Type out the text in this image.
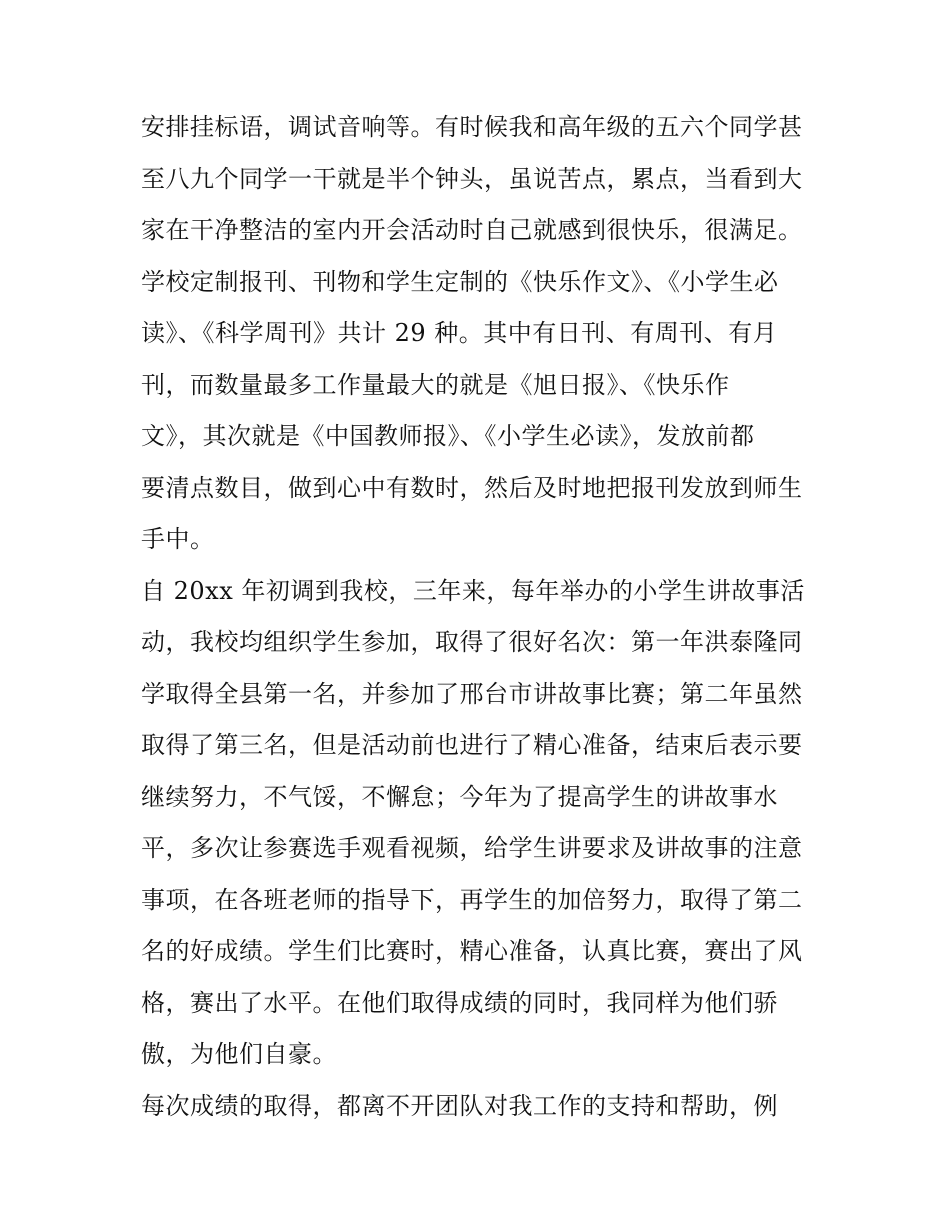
安排挂标语，调试音响等。有时候我和高年级的五六个同学甚
至八九个同学一干就是半个钟头，虽说苦点，累点，当看到大
家在干净整洁的室内开会活动时自己就感到很快乐，很满足。
学校定制报刊、刊物和学生定制的《快乐作文》、《小学生必
读》、《科学周刊》共计 29 种。其中有日刊、有周刊、有月
刊，而数量最多工作量最大的就是《旭日报》、《快乐作
文》，其次就是《中国教师报》、《小学生必读》，发放前都
要清点数目，做到心中有数时，然后及时地把报刊发放到师生
手中。
自 20xx 年初调到我校，三年来，每年举办的小学生讲故事活
动，我校均组织学生参加，取得了很好名次：第一年洪泰隆同
学取得全县第一名，并参加了邢台市讲故事比赛；第二年虽然
取得了第三名，但是活动前也进行了精心准备，结束后表示要
继续努力，不气馁，不懈怠；今年为了提高学生的讲故事水
平，多次让参赛选手观看视频，给学生讲要求及讲故事的注意
事项，在各班老师的指导下，再学生的加倍努力，取得了第二
名的好成绩。学生们比赛时，精心准备，认真比赛，赛出了风
格，赛出了水平。在他们取得成绩的同时，我同样为他们骄
傲，为他们自豪。
每次成绩的取得，都离不开团队对我工作的支持和帮助，例
